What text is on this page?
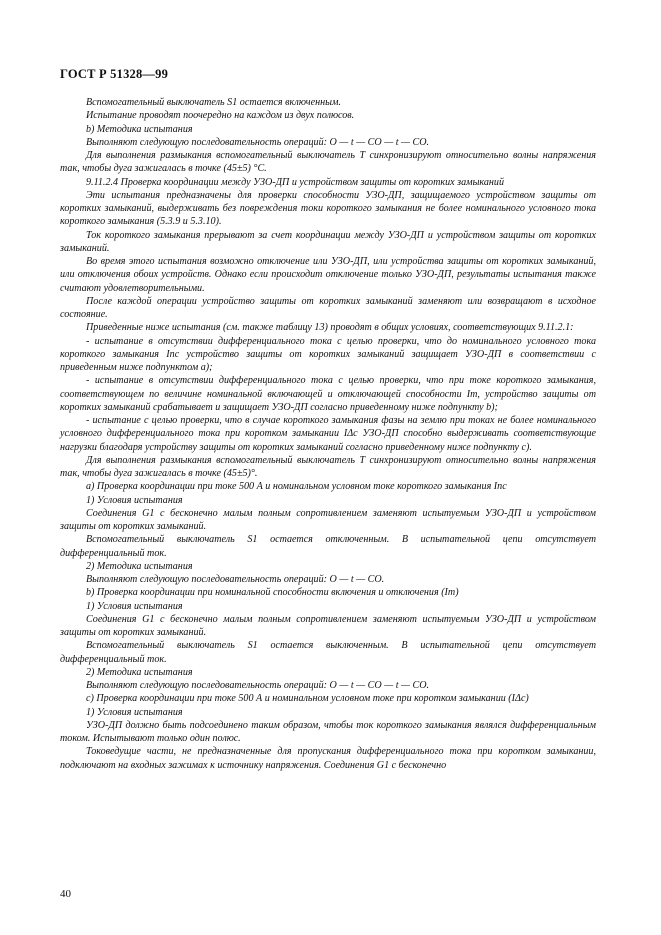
ГОСТ Р 51328—99

Вспомогательный выключатель S1 остается включенным.

Испытание проводят поочередно на каждом из двух полюсов.

b) Методика испытания

Выполняют следующую последовательность операций: O — t — CO — t — CO.

Для выполнения размыкания вспомогательный выключатель T синхронизируют относительно волны напряжения так, чтобы дуга зажигалась в точке (45±5) °C.

9.11.2.4 Проверка координации между УЗО-ДП и устройством защиты от коротких замыканий

Эти испытания предназначены для проверки способности УЗО-ДП, защищаемого устройством защиты от коротких замыканий, выдерживать без повреждения токи короткого замыкания не более номинального условного тока короткого замыкания (5.3.9 и 5.3.10).

Ток короткого замыкания прерывают за счет координации между УЗО-ДП и устройством защиты от коротких замыканий.

Во время этого испытания возможно отключение или УЗО-ДП, или устройства защиты от коротких замыканий, или отключения обоих устройств. Однако если происходит отключение только УЗО-ДП, результаты испытания также считают удовлетворительными.

После каждой операции устройство защиты от коротких замыканий заменяют или возвращают в исходное состояние.

Приведенные ниже испытания (см. также таблицу 13) проводят в общих условиях, соответствующих 9.11.2.1:

- испытание в отсутствии дифференциального тока с целью проверки, что до номинального условного тока короткого замыкания Inc устройство защиты от коротких замыканий защищает УЗО-ДП в соответствии с приведенным ниже подпунктом a);

- испытание в отсутствии дифференциального тока с целью проверки, что при токе короткого замыкания, соответствующем по величине номинальной включающей и отключающей способности Im, устройство защиты от коротких замыканий срабатывает и защищает УЗО-ДП согласно приведенному ниже подпункту b);

- испытание с целью проверки, что в случае короткого замыкания фазы на землю при токах не более номинального условного дифференциального тока при коротком замыкании IΔc УЗО-ДП способно выдерживать соответствующие нагрузки благодаря устройству защиты от коротких замыканий согласно приведенному ниже подпункту c).

Для выполнения размыкания вспомогательный выключатель T синхронизируют относительно волны напряжения так, чтобы дуга зажигалась в точке (45±5)°.

a) Проверка координации при токе 500 А и номинальном условном токе короткого замыкания Inc

1) Условия испытания

Соединения G1 с бесконечно малым полным сопротивлением заменяют испытуемым УЗО-ДП и устройством защиты от коротких замыканий.

Вспомогательный выключатель S1 остается отключенным. В испытательной цепи отсутствует дифференциальный ток.

2) Методика испытания

Выполняют следующую последовательность операций: O — t — CO.

b) Проверка координации при номинальной способности включения и отключения (Im)

1) Условия испытания

Соединения G1 с бесконечно малым полным сопротивлением заменяют испытуемым УЗО-ДП и устройством защиты от коротких замыканий.

Вспомогательный выключатель S1 остается выключенным. В испытательной цепи отсутствует дифференциальный ток.

2) Методика испытания

Выполняют следующую последовательность операций: O — t — CO — t — CO.

c) Проверка координации при токе 500 А и номинальном условном токе при коротком замыкании (IΔc)

1) Условия испытания

УЗО-ДП должно быть подсоединено таким образом, чтобы ток короткого замыкания являлся дифференциальным током. Испытывают только один полюс.

Токоведущие части, не предназначенные для пропускания дифференциального тока при коротком замыкании, подключают на входных зажимах к источнику напряжения. Соединения G1 с бесконечно

40
